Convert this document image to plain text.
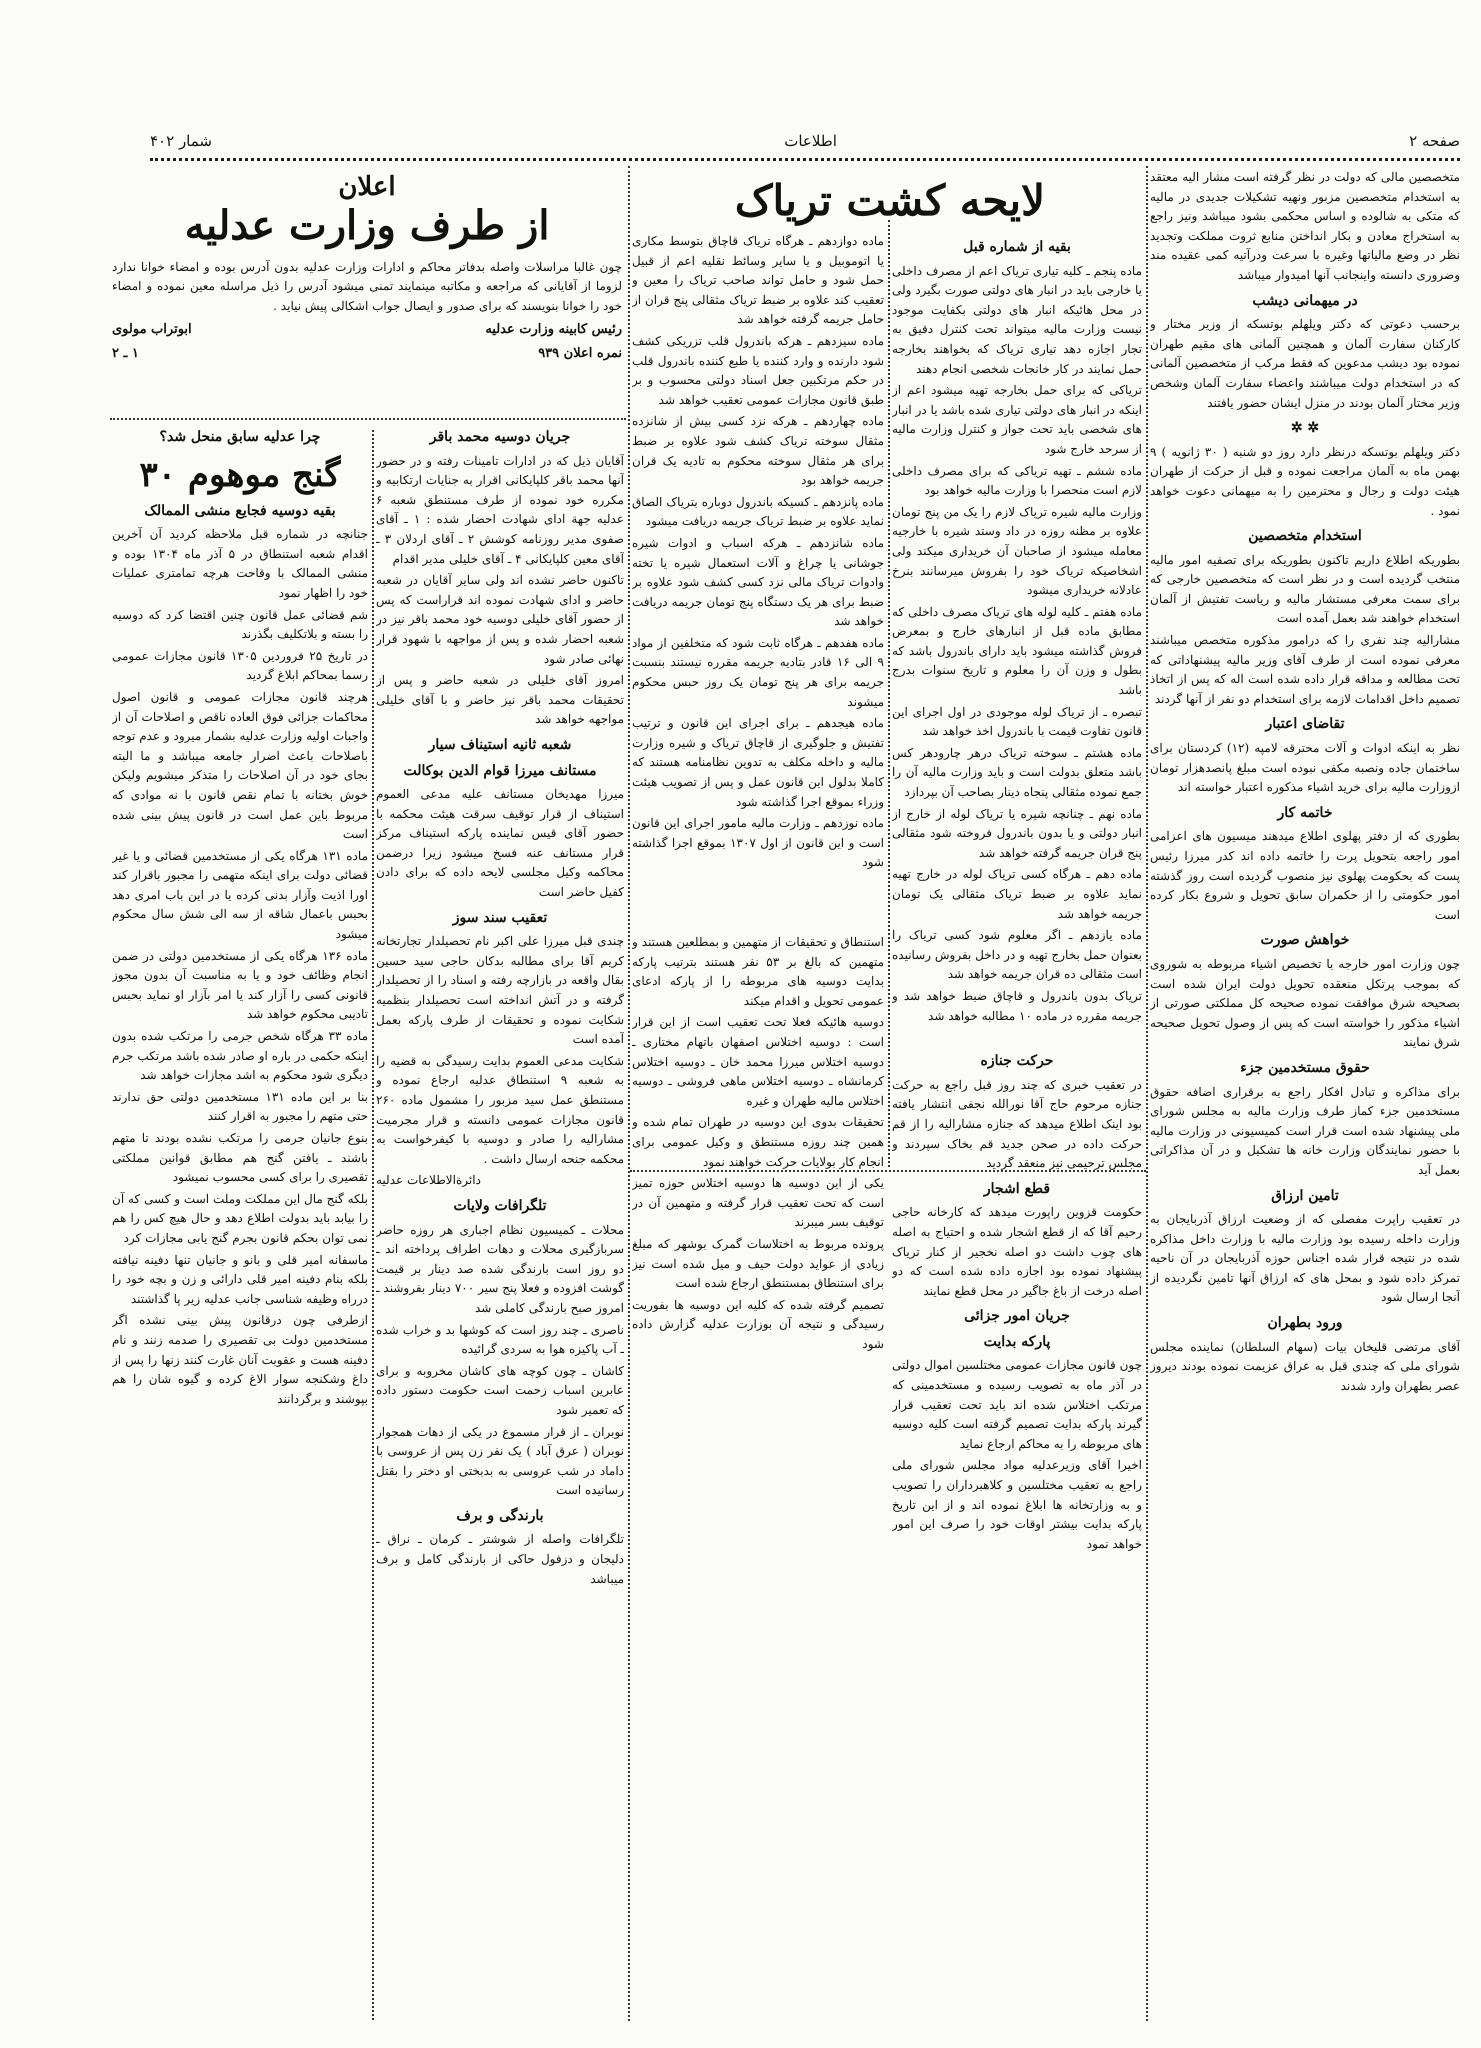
صفحه ۲
اطلاعات
شمار ۴۰۲

متخصصین مالی که دولت در نظر گرفته است مشار الیه معتقد به استخدام متخصصین مزبور ونهیه تشکیلات جدیدی در مالیه که متکی به شالوده و اساس محکمی بشود میباشد ونیز راجع به استخراج معادن و بکار انداختن منابع ثروت مملکت وتجدید نظر در وضع مالیاتها وغیره با سرعت ودرآتیه کمی عقیده مند وضروری دانسته واینجانب آنها امیدوار میباشد

در میهمانی دیشب

برحسب دعوتی که دکتر ویلهلم بوتسکه از وزیر مختار و کارکنان سفارت آلمان و همچنین آلمانی های مقیم طهران نموده بود دیشب مدعوین که فقط مرکب از متخصصین آلمانی که در استخدام دولت میباشند واعضاء سفارت آلمان وشخص وزیر مختار آلمان بودند در منزل ایشان حضور یافتند

✲ ✲

دکتر ویلهلم بوتسکه درنظر دارد روز دو شنبه ( ۳۰ ژانویه ) ۹ بهمن ماه به آلمان مراجعت نموده و قبل از حرکت از طهران هیئت دولت و رجال و محترمین را به میهمانی دعوت خواهد نمود .

استخدام متخصصین

بطوریکه اطلاع داریم تاکنون بطوریکه برای تصفیه امور مالیه منتخب گردیده است و در نظر است که متخصصین خارجی که برای سمت معرفی مستشار مالیه و ریاست تفتیش از آلمان استخدام خواهند شد بعمل آمده است

مشارالیه چند نفری را که درامور مذکوره متخصص میباشند معرفی نموده است از طرف آقای وزیر مالیه پیشنهاداتی که تحت مطالعه و مداقه قرار داده شده است اله که پس از اتخاذ تصمیم داخل اقدامات لازمه برای استخدام دو نفر از آنها گردند

تقاضای اعتبار

نظر به اینکه ادوات و آلات محترقه لامپه (۱۲) کردستان برای ساختمان جاده ونصبه مکفی نبوده است مبلغ پانصدهزار تومان ازوزارت مالیه برای خرید اشیاء مذکوره اعتبار خواسته اند

خاتمه کار

بطوری که از دفتر پهلوی اطلاع میدهند میسیون های اعزامی امور راجعه بتحویل پرت را خاتمه داده اند کدر میرزا رئیس پست که بحکومت پهلوی نیز منصوب گردیده است روز گذشته امور حکومتی را از حکمران سابق تحویل و شروع بکار کرده است

خواهش صورت

چون وزارت امور خارجه با تخصیص اشیاء مربوطه به شوروی که بموجب پرتکل منعقده تحویل دولت ایران شده است بصحیحه شرق موافقت نموده صحیحه کل مملکتی صورتی از اشیاء مذکور را خواسته است که پس از وصول تحویل صحیحه شرق نمایند

حقوق مستخدمین جزء

برای مذاکره و تبادل افکار راجع به برقراری اضافه حقوق مستخدمین جزء کماز طرف وزارت مالیه به مجلس شورای ملی پیشنهاد شده است قرار است کمیسیونی در وزارت مالیه با حضور نمایندگان وزارت خانه ها تشکیل و در آن مذاکراتی بعمل آید

تامین ارزاق

در تعقیب راپرت مفصلی که از وضعیت ارزاق آذربایجان به وزارت داخله رسیده بود وزارت مالیه با وزارت داخل مذاکره شده در نتیجه قرار شده اجناس حوزه آذربایجان در آن ناحیه تمرکز داده شود و بمحل های که ارزاق آنها تامین نگردیده از آنجا ارسال شود

ورود بطهران

آقای مرتضی قلیخان بیات (سهام السلطان) نماینده مجلس شورای ملی که چندی قبل به عراق عزیمت نموده بودند دیروز عصر بطهران وارد شدند

لایحه کشت تریاک
بقیه از شماره قبل

ماده پنجم ـ کلیه تیاری تریاک اعم از مصرف داخلی یا خارجی باید در انبار های دولتی صورت بگیرد ولی در محل هائیکه انبار های دولتی بکفایت موجود نیست وزارت مالیه میتواند تحت کنترل دقیق به تجار اجازه دهد تیاری تریاک که بخواهند بخارجه حمل نمایند در کار خانجات شخصی انجام دهند

تریاکی که برای حمل بخارجه تهیه میشود اعم از اینکه در انبار های دولتی تیاری شده باشد یا در انبار های شخصی باید تحت جواز و کنترل وزارت مالیه از سرحد خارج شود

ماده ششم ـ تهیه تریاکی که برای مصرف داخلی لازم است منحصرا با وزارت مالیه خواهد بود

وزارت مالیه شیره تریاک لازم را یک من پنج تومان علاوه بر مظنه روزه در داد وستد شیره با خارجیه معامله میشود از صاحبان آن خریداری میکند ولی اشخاصیکه تریاک خود را بفروش میرسانند بنرخ عادلانه خریداری میشود

ماده هفتم ـ کلیه لوله های تریاک مصرف داخلی که مطابق ماده قبل از انبارهای خارج و بمعرض فروش گذاشته میشود باید دارای باندرول باشد که بطول و وزن آن را معلوم و تاریخ سنوات بدرج باشد

تبصره ـ از تریاک لوله موجودی در اول اجرای این قانون تفاوت قیمت با باندرول اخذ خواهد شد

ماده هشتم ـ سوخته تریاک درهر چارودهر کس باشد متعلق بدولت است و باید وزارت مالیه آن را جمع نموده مثقالی پنجاه دینار بصاحب آن بپردازد

ماده نهم ـ چنانچه شیره یا تریاک لوله از خارج از انبار دولتی و یا بدون باندرول فروخته شود مثقالی پنج قران جریمه گرفته خواهد شد

ماده دهم ـ هرگاه کسی تریاک لوله در خارج تهیه نماید علاوه بر ضبط تریاک مثقالی یک تومان جریمه خواهد شد

ماده یازدهم ـ اگر معلوم شود کسی تریاک را بعنوان حمل بخارج تهیه و در داخل بفروش رسانیده است مثقالی ده قران جریمه خواهد شد

تریاک بدون باندرول و قاچاق ضبط خواهد شد و جریمه مقرره در ماده ۱۰ مطالبه خواهد شد

حرکت جنازه

در تعقیب خبری که چند روز قبل راجع به حرکت جنازه مرحوم حاج آقا نورالله نجفی انتشار یافته بود اینک اطلاع میدهد که جنازه مشارالیه را از قم حرکت داده در صحن جدید قم بخاک سپردند و مجلس ترحیمی نیز منعقد گردید

قطع اشجار

حکومت قزوین راپورت میدهد که کارخانه حاجی رحیم آقا که از قطع اشجار شده و احتیاج به اصله های چوب داشت دو اصله نخجیر از کنار تریاک پیشنهاد نموده بود اجازه داده شده است که دو اصله درخت از باغ جاگیر در محل قطع نمایند

جریان امور جزائی
پارکه بدایت

چون قانون مجازات عمومی مختلسین اموال دولتی در آذر ماه به تصویب رسیده و مستخدمینی که مرتکب اختلاس شده اند باید تحت تعقیب قرار گیرند پارکه بدایت تصمیم گرفته است کلیه دوسیه های مربوطه را به محاکم ارجاع نماید

اخیرا آقای وزیرعدلیه مواد مجلس شورای ملی راجع به تعقیب مختلسین و کلاهبرداران را تصویب و به وزارتخانه ها ابلاغ نموده اند و از این تاریخ پارکه بدایت بیشتر اوقات خود را صرف این امور خواهد نمود

ماده دوازدهم ـ هرگاه تریاک قاچاق بتوسط مکاری یا اتوموبیل و یا سایر وسائط نقلیه اعم از قبیل حمل شود و حامل تواند صاحب تریاک را معین و تعقیب کند علاوه بر ضبط تریاک مثقالی پنج قران از حامل جریمه گرفته خواهد شد

ماده سیزدهم ـ هرکه باندرول قلب تزریکی کشف شود دارنده و وارد کننده یا طبع کننده باندرول قلب در حکم مرتکبین جعل اسناد دولتی محسوب و بر طبق قانون مجازات عمومی تعقیب خواهد شد

ماده چهاردهم ـ هرکه نزد کسی بیش از شانزده مثقال سوخته تریاک کشف شود علاوه بر ضبط برای هر مثقال سوخته محکوم به تادیه یک قران جریمه خواهد بود

ماده پانزدهم ـ کسیکه باندرول دوباره بتریاک الصاق نماید علاوه بر ضبط تریاک جریمه دریافت میشود

ماده شانزدهم ـ هرکه اسباب و ادوات شیره جوشانی یا چراغ و آلات استعمال شیره یا تخته وادوات تریاک مالی نزد کسی کشف شود علاوه بر ضبط برای هر یک دستگاه پنج تومان جریمه دریافت خواهد شد

ماده هفدهم ـ هرگاه ثابت شود که متخلفین از مواد ۹ الی ۱۶ قادر بتادیه جریمه مقرره نیستند بنسبت جریمه برای هر پنج تومان یک روز حبس محکوم میشوند

ماده هیجدهم ـ برای اجرای این قانون و ترتیب تفتیش و جلوگیری از قاچاق تریاک و شیره وزارت مالیه و داخله مکلف به تدوین نظامنامه هستند که کاملا بدلول این قانون عمل و پس از تصویب هیئت وزراء بموقع اجرا گذاشته شود

ماده نوزدهم ـ وزارت مالیه مامور اجرای این قانون است و این قانون از اول ۱۳۰۷ بموقع اجرا گذاشته شود

استنطاق و تحقیقات از متهمین و بمطلعین هستند و متهمین که بالغ بر ۵۳ نفر هستند بترتیب پارکه بدایت دوسیه های مربوطه را از پارکه ادعای عمومی تحویل و اقدام میکند

دوسیه هائیکه فعلا تحت تعقیب است از این قرار است : دوسیه اختلاس اصفهان باتهام مختاری ـ دوسیه اختلاس میرزا محمد خان ـ دوسیه اختلاس کرمانشاه ـ دوسیه اختلاس ماهی فروشی ـ دوسیه اختلاس مالیه طهران و غیره

تحقیقات بدوی این دوسیه در طهران تمام شده و همین چند روزه مستنطق و وکیل عمومی برای انجام کار بولایات حرکت خواهند نمود

یکی از این دوسیه ها دوسیه اختلاس حوزه تمیز است که تحت تعقیب قرار گرفته و متهمین آن در توقیف بسر میبرند

پرونده مربوط به اختلاسات گمرک بوشهر که مبلغ زیادی از عواید دولت حیف و میل شده است نیز برای استنطاق بمستنطق ارجاع شده است

تصمیم گرفته شده که کلیه این دوسیه ها بفوریت رسیدگی و نتیجه آن بوزارت عدلیه گزارش داده شود

اعلان
از طرف وزارت عدلیه

چون غالبا مراسلات واصله بدفاتر محاکم و ادارات وزارت عدلیه بدون آدرس بوده و امضاء خوانا ندارد لزوما از آقایانی که مراجعه و مکاتبه مینمایند تمنی میشود آدرس را ذیل مراسله معین نموده و امضاء خود را خوانا بنویسند که برای صدور و ایصال جواب اشکالی پیش نیاید .

رئیس کابینه وزارت عدلیه
ابوتراب مولوی
نمره اعلان ۹۳۹
۱ ـ ۲
جریان دوسیه محمد باقر

آقایان ذیل که در ادارات تامینات رفته و در حضور آنها محمد باقر کلپایکانی اقرار به جنایات ارتکابیه و مکرره خود نموده از طرف مستنطق شعبه ۶ عدلیه جهة ادای شهادت احضار شده : ۱ ـ آقای صفوی مدیر روزنامه کوشش ۲ ـ آقای اردلان ۳ ـ آقای معین کلپایکانی ۴ ـ آقای خلیلی مدیر اقدام

تاکنون حاضر نشده اند ولی سایر آقایان در شعبه حاضر و ادای شهادت نموده اند قراراست که پس از حضور آقای خلیلی دوسیه خود محمد باقر نیز در شعبه احضار شده و پس از مواجهه با شهود قرار نهائی صادر شود

امروز آقای خلیلی در شعبه حاضر و پس از تحقیقات محمد باقر نیز حاضر و با آقای خلیلی مواجهه خواهد شد

شعبه ثانیه استیناف سیار
مستانف میرزا قوام الدین بوکالت

میرزا مهدیخان مستانف علیه مدعی العموم استیناف از قرار توقیف سرقت هیئت محکمه با حضور آقای قیس نماینده پارکه استیناف مرکز قرار مستانف عنه فسخ میشود زیرا درضمن محاکمه وکیل مجلسی لایحه داده که برای دادن کفیل حاضر است

تعقیب سند سوز

چندی قبل میرزا علی اکبر نام تحصیلدار تجارتخانه کریم آقا برای مطالبه بدکان حاجی سید حسین بقال واقعه در بازارچه رفته و اسناد را از تحصیلدار گرفته و در آتش انداخته است تحصیلدار بنظمیه شکایت نموده و تحقیقات از طرف پارکه بعمل آمده است

شکایت مدعی العموم بدایت رسیدگی به قضیه را به شعبه ۹ استنطاق عدلیه ارجاع نموده و مستنطق عمل سید مزبور را مشمول ماده ۲۶۰ قانون مجازات عمومی دانسته و قرار مجرمیت مشارالیه را صادر و دوسیه با کیفرخواست به محکمه جنحه ارسال داشت .

دائرةالاطلاعات عدلیه

تلگرافات ولایات

محلات ـ کمیسیون نظام اجباری هر روزه حاضر سربازگیری محلات و دهات اطراف پرداخته اند ـ دو روز است بارندگی شده صد دینار بر قیمت گوشت افزوده و فعلا پنج سیر ۷۰۰ دینار بفروشند ـ امروز صبح بارندگی کاملی شد

ناصری ـ چند روز است که کوشها بد و خراب شده ـ آب پاکیزه هوا به سردی گرائیده

کاشان ـ چون کوچه های کاشان مخروبه و برای عابرین اسباب زحمت است حکومت دستور داده که تعمیر شود

نوبران ـ از قرار مسموع در یکی از دهات همجوار نوبران ( عرق آباد ) یک نفر زن پس از عروسی با داماد در شب عروسی به بدبختی او دختر را بقتل رسانیده است

بارندگی و برف

تلگرافات واصله از شوشتر ـ کرمان ـ نراق ـ دلیجان و دزفول حاکی از بارندگی کامل و برف میباشد

چرا عدلیه سابق منحل شد؟
گنج موهوم ۳۰
بقیه دوسیه فجایع منشی الممالک

جنانچه در شماره قبل ملاحظه کردید آن آخرین اقدام شعبه استنطاق در ۵ آذر ماه ۱۳۰۴ بوده و منشی الممالک با وقاحت هرچه تمامتری عملیات خود را اظهار نمود

شم قضائی عمل قانون چنین اقتضا کرد که دوسیه را بسته و بلاتکلیف بگذرند

در تاریخ ۲۵ فروردین ۱۳۰۵ قانون مجازات عمومی رسما بمحاکم ابلاغ گردید

هرچند قانون مجازات عمومی و قانون اصول محاکمات جزائی فوق العاده ناقص و اصلاحات آن از واجبات اولیه وزارت عدلیه بشمار میرود و عدم توجه باصلاحات باعث اضرار جامعه میباشد و ما البته بجای خود در آن اصلاحات را متذکر میشویم ولیکن خوش بختانه با تمام نقص قانون با نه موادی که مربوط باین عمل است در قانون پیش بینی شده است

ماده ۱۳۱ هرگاه یکی از مستخدمین قضائی و یا غیر قضائی دولت برای اینکه متهمی را مجبور باقرار کند اورا اذیت وآزار بدنی کرده یا در این باب امری دهد بحبس باعمال شاقه از سه الی شش سال محکوم میشود

ماده ۱۳۶ هرگاه یکی از مستخدمین دولتی در ضمن انجام وظائف خود و یا به مناسبت آن بدون مجوز قانونی کسی را آزار کند یا امر بآزار او نماید بحبس تادیبی محکوم خواهد شد

ماده ۳۳ هرگاه شخص جرمی را مرتکب شده بدون اینکه حکمی در باره او صادر شده باشد مرتکب جرم دیگری شود محکوم به اشد مجازات خواهد شد

بنا بر این ماده ۱۳۱ مستخدمین دولتی حق ندارند حتی متهم را مجبور به اقرار کنند

بنوع جانیان جرمی را مرتکب نشده بودند تا متهم باشند ـ یافتن گنج هم مطابق قوانین مملکتی تقصیری را برای کسی محسوب نمیشود

بلکه گنج مال این مملکت وملت است و کسی که آن را بیابد باید بدولت اطلاع دهد و حال هیچ کس را هم نمی توان بحکم قانون بجرم گنج یابی مجازات کرد

ماسفانه امیر قلی و بانو و جانیان تنها دفینه نیافته بلکه بنام دفینه امیر قلی دارائی و زن و بچه خود را درراه وظیفه شناسی جانب عدلیه زیر پا گذاشتند

ازطرفی چون درقانون پیش بینی نشده اگر مستخدمین دولت بی تقصیری را صدمه زنند و نام دفینه هست و عقوبت آنان غارت کنند زنها را پس از داغ وشکنجه سوار الاغ کرده و گیوه شان را هم بپوشند و برگردانند
